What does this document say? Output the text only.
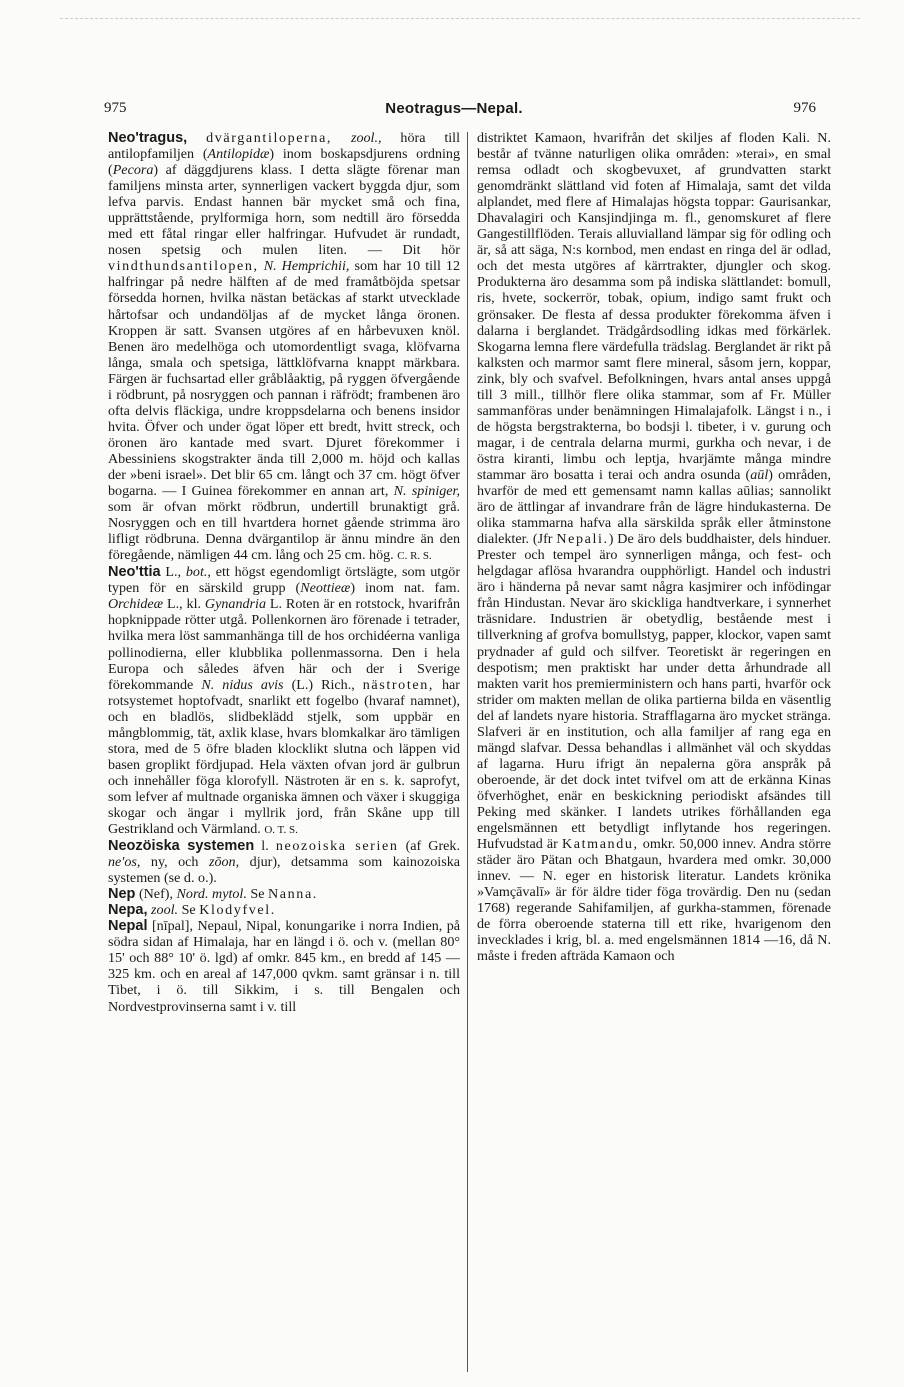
975	Neotragus—Nepal.	976

Neo'tragus, dvärgantiloperna, zool., höra till antilopfamiljen (Antilopidæ) inom boskapsdjurens ordning (Pecora) af däggdjurens klass. I detta slägte förenar man familjens minsta arter, synnerligen vackert byggda djur, som lefva parvis. Endast hannen bär mycket små och fina, upprättstående, prylformiga horn, som nedtill äro försedda med ett fåtal ringar eller halfringar. Hufvudet är rundadt, nosen spetsig och mulen liten. — Dit hör vindthundsantilopen, N. Hemprichii, som har 10 till 12 halfringar på nedre hälften af de med framåtböjda spetsar försedda hornen, hvilka nästan betäckas af starkt utvecklade hårtofsar och undandöljas af de mycket långa öronen. Kroppen är satt. Svansen utgöres af en hårbevuxen knöl. Benen äro medelhöga och utomordentligt svaga, klöfvarna långa, smala och spetsiga, lättklöfvarna knappt märkbara. Färgen är fuchsartad eller gråblåaktig, på ryggen öfvergående i rödbrunt, på nosryggen och pannan i räfrödt; frambenen äro ofta delvis fläckiga, undre kroppsdelarna och benens insidor hvita. Öfver och under ögat löper ett bredt, hvitt streck, och öronen äro kantade med svart. Djuret förekommer i Abessiniens skogstrakter ända till 2,000 m. höjd och kallas der »beni israel». Det blir 65 cm. långt och 37 cm. högt öfver bogarna. — I Guinea förekommer en annan art, N. spiniger, som är ofvan mörkt rödbrun, undertill brunaktigt grå. Nosryggen och en till hvartdera hornet gående strimma äro lifligt rödbruna. Denna dvärgantilop är ännu mindre än den föregående, nämligen 44 cm. lång och 25 cm. hög. C. R. S.

Neo'ttia L., bot., ett högst egendomligt örtslägte, som utgör typen för en särskild grupp (Neottieæ) inom nat. fam. Orchideæ L., kl. Gynandria L. Roten är en rotstock, hvarifrån hopknippade rötter utgå. Pollenkornen äro förenade i tetrader, hvilka mera löst sammanhänga till de hos orchidéerna vanliga pollinodierna, eller klubblika pollenmassorna. Den i hela Europa och således äfven här och der i Sverige förekommande N. nidus avis (L.) Rich., nästroten, har rotsystemet hoptofvadt, snarlikt ett fogelbo (hvaraf namnet), och en bladlös, slidbeklädd stjelk, som uppbär en mångblommig, tät, axlik klase, hvars blomkalkar äro tämligen stora, med de 5 öfre bladen klocklikt slutna och läppen vid basen groplikt fördjupad. Hela växten ofvan jord är gulbrun och innehåller föga klorofyll. Nästroten är en s. k. saprofyt, som lefver af multnade organiska ämnen och växer i skuggiga skogar och ängar i myllrik jord, från Skåne upp till Gestrikland och Värmland. O. T. S.

Neozöiska systemen l. neozoiska serien (af Grek. ne'os, ny, och zōon, djur), detsamma som kainozoiska systemen (se d. o.).

Nep (Nef), Nord. mytol. Se Nanna.

Nepa, zool. Se Klodyfvel.

Nepal [nīpal], Nepaul, Nipal, konungarike i norra Indien, på södra sidan af Himalaja, har en längd i ö. och v. (mellan 80° 15' och 88° 10' ö. lgd) af omkr. 845 km., en bredd af 145 —325 km. och en areal af 147,000 qvkm. samt gränsar i n. till Tibet, i ö. till Sikkim, i s. till Bengalen och Nordvestprovinserna samt i v. till

distriktet Kamaon, hvarifrån det skiljes af floden Kali. N. består af tvänne naturligen olika områden: »terai», en smal remsa odladt och skogbevuxet, af grundvatten starkt genomdränkt slättland vid foten af Himalaja, samt det vilda alplandet, med flere af Himalajas högsta toppar: Gaurisankar, Dhavalagiri och Kansjindjinga m. fl., genomskuret af flere Gangestillflöden. Terais alluvialland lämpar sig för odling och är, så att säga, N:s kornbod, men endast en ringa del är odlad, och det mesta utgöres af kärrtrakter, djungler och skog. Produkterna äro desamma som på indiska slättlandet: bomull, ris, hvete, sockerrör, tobak, opium, indigo samt frukt och grönsaker. De flesta af dessa produkter förekomma äfven i dalarna i berglandet. Trädgårdsodling idkas med förkärlek. Skogarna lemna flere värdefulla trädslag. Berglandet är rikt på kalksten och marmor samt flere mineral, såsom jern, koppar, zink, bly och svafvel. Befolkningen, hvars antal anses uppgå till 3 mill., tillhör flere olika stammar, som af Fr. Müller sammanföras under benämningen Himalajafolk. Längst i n., i de högsta bergstrakterna, bo bodsji l. tibeter, i v. gurung och magar, i de centrala delarna murmi, gurkha och nevar, i de östra kiranti, limbu och leptja, hvarjämte många mindre stammar äro bosatta i terai och andra osunda (aūl) områden, hvarför de med ett gemensamt namn kallas aūlias; sannolikt äro de ättlingar af invandrare från de lägre hindukasterna. De olika stammarna hafva alla särskilda språk eller åtminstone dialekter. (Jfr Nepali.) De äro dels buddhaister, dels hinduer. Prester och tempel äro synnerligen många, och fest- och helgdagar aflösa hvarandra oupphörligt. Handel och industri äro i händerna på nevar samt några kasjmirer och infödingar från Hindustan. Nevar äro skickliga handtverkare, i synnerhet träsnidare. Industrien är obetydlig, bestående mest i tillverkning af grofva bomullstyg, papper, klockor, vapen samt prydnader af guld och silfver. Teoretiskt är regeringen en despotism; men praktiskt har under detta århundrade all makten varit hos premierministern och hans parti, hvarför ock strider om makten mellan de olika partierna bilda en väsentlig del af landets nyare historia. Strafflagarna äro mycket stränga. Slafveri är en institution, och alla familjer af rang ega en mängd slafvar. Dessa behandlas i allmänhet väl och skyddas af lagarna. Huru ifrigt än nepalerna göra anspråk på oberoende, är det dock intet tvifvel om att de erkänna Kinas öfverhöghet, enär en beskickning periodiskt afsändes till Peking med skänker. I landets utrikes förhållanden ega engelsmännen ett betydligt inflytande hos regeringen. Hufvudstad är Katmandu, omkr. 50,000 innev. Andra större städer äro Pätan och Bhatgaun, hvardera med omkr. 30,000 innev. — N. eger en historisk literatur. Landets krönika »Vamçāvalī» är för äldre tider föga trovärdig. Den nu (sedan 1768) regerande Sahifamiljen, af gurkha-stammen, förenade de förra oberoende staterna till ett rike, hvarigenom den invecklades i krig, bl. a. med engelsmännen 1814 —16, då N. måste i freden afträda Kamaon och
